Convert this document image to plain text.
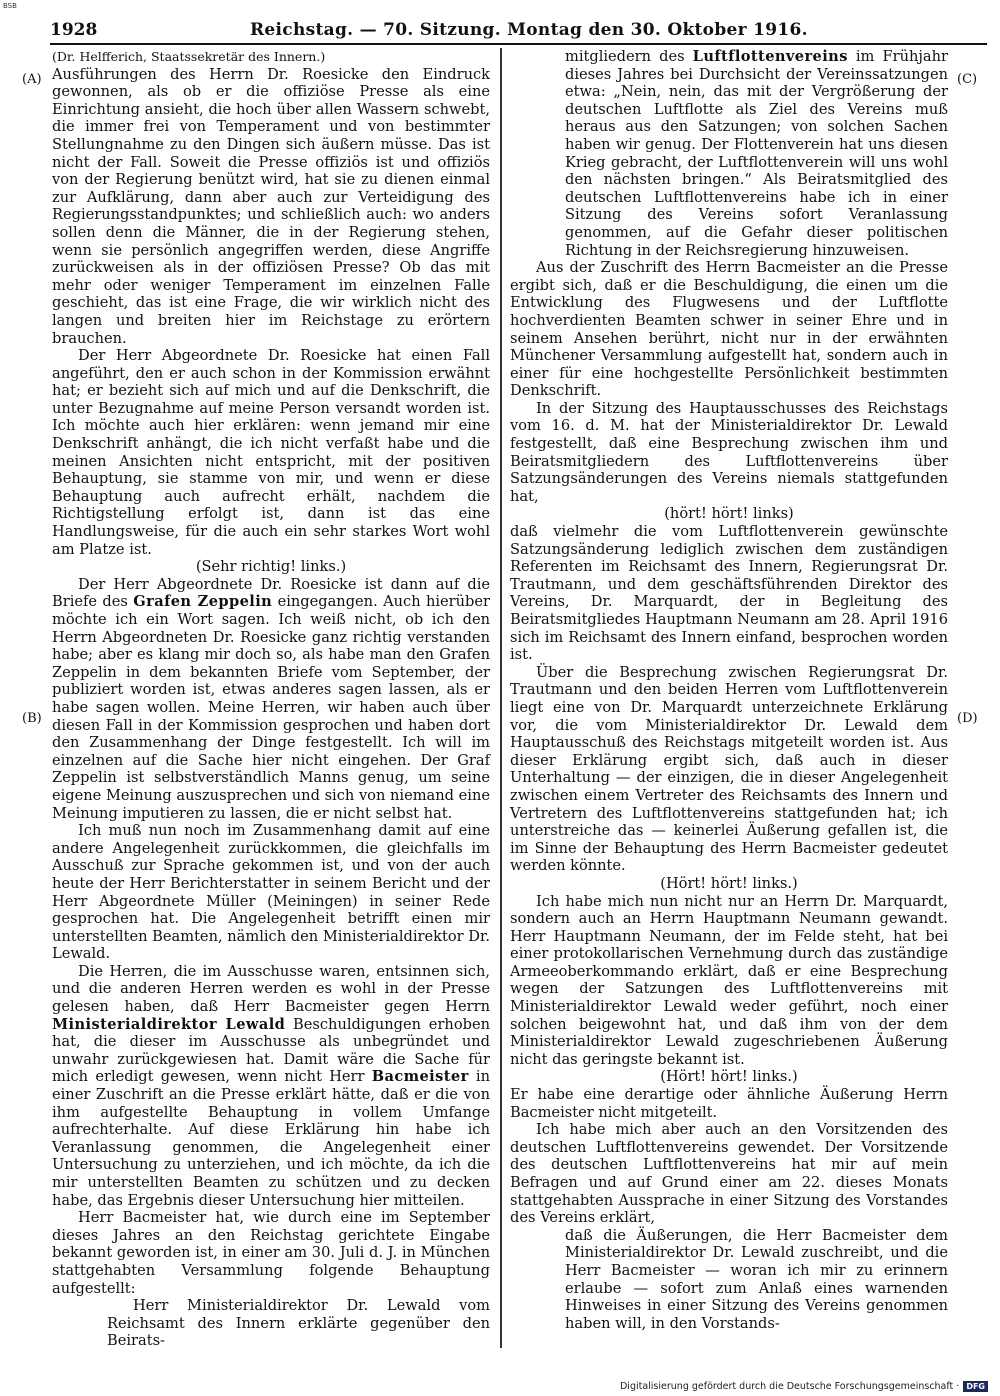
BSB
1928	Reichstag. — 70. Sitzung. Montag den 30. Oktober 1916.
(A)
(B)
(C)
(D)

(Dr. Helfferich, Staatssekretär des Innern.)

Ausführungen des Herrn Dr. Roesicke den Eindruck gewonnen, als ob er die offiziöse Presse als eine Einrichtung ansieht, die hoch über allen Wassern schwebt, die immer frei von Temperament und von bestimmter Stellungnahme zu den Dingen sich äußern müsse. Das ist nicht der Fall. Soweit die Presse offiziös ist und offiziös von der Regierung benützt wird, hat sie zu dienen einmal zur Aufklärung, dann aber auch zur Verteidigung des Regierungsstandpunktes; und schließlich auch: wo anders sollen denn die Männer, die in der Regierung stehen, wenn sie persönlich angegriffen werden, diese Angriffe zurückweisen als in der offiziösen Presse? Ob das mit mehr oder weniger Temperament im einzelnen Falle geschieht, das ist eine Frage, die wir wirklich nicht des langen und breiten hier im Reichstage zu erörtern brauchen.

Der Herr Abgeordnete Dr. Roesicke hat einen Fall angeführt, den er auch schon in der Kommission erwähnt hat; er bezieht sich auf mich und auf die Denkschrift, die unter Bezugnahme auf meine Person versandt worden ist. Ich möchte auch hier erklären: wenn jemand mir eine Denkschrift anhängt, die ich nicht verfaßt habe und die meinen Ansichten nicht entspricht, mit der positiven Behauptung, sie stamme von mir, und wenn er diese Behauptung auch aufrecht erhält, nachdem die Richtigstellung erfolgt ist, dann ist das eine Handlungsweise, für die auch ein sehr starkes Wort wohl am Platze ist.

(Sehr richtig! links.)

Der Herr Abgeordnete Dr. Roesicke ist dann auf die Briefe des Grafen Zeppelin eingegangen. Auch hierüber möchte ich ein Wort sagen. Ich weiß nicht, ob ich den Herrn Abgeordneten Dr. Roesicke ganz richtig verstanden habe; aber es klang mir doch so, als habe man den Grafen Zeppelin in dem bekannten Briefe vom September, der publiziert worden ist, etwas anderes sagen lassen, als er habe sagen wollen. Meine Herren, wir haben auch über diesen Fall in der Kommission gesprochen und haben dort den Zusammenhang der Dinge festgestellt. Ich will im einzelnen auf die Sache hier nicht eingehen. Der Graf Zeppelin ist selbstverständlich Manns genug, um seine eigene Meinung auszusprechen und sich von niemand eine Meinung imputieren zu lassen, die er nicht selbst hat.

Ich muß nun noch im Zusammenhang damit auf eine andere Angelegenheit zurückkommen, die gleichfalls im Ausschuß zur Sprache gekommen ist, und von der auch heute der Herr Berichterstatter in seinem Bericht und der Herr Abgeordnete Müller (Meiningen) in seiner Rede gesprochen hat. Die Angelegenheit betrifft einen mir unterstellten Beamten, nämlich den Ministerialdirektor Dr. Lewald.

Die Herren, die im Ausschusse waren, entsinnen sich, und die anderen Herren werden es wohl in der Presse gelesen haben, daß Herr Bacmeister gegen Herrn Ministerialdirektor Lewald Beschuldigungen erhoben hat, die dieser im Ausschusse als unbegründet und unwahr zurückgewiesen hat. Damit wäre die Sache für mich erledigt gewesen, wenn nicht Herr Bacmeister in einer Zuschrift an die Presse erklärt hätte, daß er die von ihm aufgestellte Behauptung in vollem Umfange aufrechterhalte. Auf diese Erklärung hin habe ich Veranlassung genommen, die Angelegenheit einer Untersuchung zu unterziehen, und ich möchte, da ich die mir unterstellten Beamten zu schützen und zu decken habe, das Ergebnis dieser Untersuchung hier mitteilen.

Herr Bacmeister hat, wie durch eine im September dieses Jahres an den Reichstag gerichtete Eingabe bekannt geworden ist, in einer am 30. Juli d. J. in München stattgehabten Versammlung folgende Behauptung aufgestellt:

Herr Ministerialdirektor Dr. Lewald vom Reichsamt des Innern erklärte gegenüber den Beirats-

mitgliedern des Luftflottenvereins im Frühjahr dieses Jahres bei Durchsicht der Vereinssatzungen etwa: „Nein, nein, das mit der Vergrößerung der deutschen Luftflotte als Ziel des Vereins muß heraus aus den Satzungen; von solchen Sachen haben wir genug. Der Flottenverein hat uns diesen Krieg gebracht, der Luftflottenverein will uns wohl den nächsten bringen.“ Als Beiratsmitglied des deutschen Luftflottenvereins habe ich in einer Sitzung des Vereins sofort Veranlassung genommen, auf die Gefahr dieser politischen Richtung in der Reichsregierung hinzuweisen.

Aus der Zuschrift des Herrn Bacmeister an die Presse ergibt sich, daß er die Beschuldigung, die einen um die Entwicklung des Flugwesens und der Luftflotte hochverdienten Beamten schwer in seiner Ehre und in seinem Ansehen berührt, nicht nur in der erwähnten Münchener Versammlung aufgestellt hat, sondern auch in einer für eine hochgestellte Persönlichkeit bestimmten Denkschrift.

In der Sitzung des Hauptausschusses des Reichstags vom 16. d. M. hat der Ministerialdirektor Dr. Lewald festgestellt, daß eine Besprechung zwischen ihm und Beiratsmitgliedern des Luftflottenvereins über Satzungsänderungen des Vereins niemals stattgefunden hat,

(hört! hört! links)

daß vielmehr die vom Luftflottenverein gewünschte Satzungsänderung lediglich zwischen dem zuständigen Referenten im Reichsamt des Innern, Regierungsrat Dr. Trautmann, und dem geschäftsführenden Direktor des Vereins, Dr. Marquardt, der in Begleitung des Beiratsmitgliedes Hauptmann Neumann am 28. April 1916 sich im Reichsamt des Innern einfand, besprochen worden ist.

Über die Besprechung zwischen Regierungsrat Dr. Trautmann und den beiden Herren vom Luftflottenverein liegt eine von Dr. Marquardt unterzeichnete Erklärung vor, die vom Ministerialdirektor Dr. Lewald dem Hauptausschuß des Reichstags mitgeteilt worden ist. Aus dieser Erklärung ergibt sich, daß auch in dieser Unterhaltung — der einzigen, die in dieser Angelegenheit zwischen einem Vertreter des Reichsamts des Innern und Vertretern des Luftflottenvereins stattgefunden hat; ich unterstreiche das — keinerlei Äußerung gefallen ist, die im Sinne der Behauptung des Herrn Bacmeister gedeutet werden könnte.

(Hört! hört! links.)

Ich habe mich nun nicht nur an Herrn Dr. Marquardt, sondern auch an Herrn Hauptmann Neumann gewandt. Herr Hauptmann Neumann, der im Felde steht, hat bei einer protokollarischen Vernehmung durch das zuständige Armeeoberkommando erklärt, daß er eine Besprechung wegen der Satzungen des Luftflottenvereins mit Ministerialdirektor Lewald weder geführt, noch einer solchen beigewohnt hat, und daß ihm von der dem Ministerialdirektor Lewald zugeschriebenen Äußerung nicht das geringste bekannt ist.

(Hört! hört! links.)

Er habe eine derartige oder ähnliche Äußerung Herrn Bacmeister nicht mitgeteilt.

Ich habe mich aber auch an den Vorsitzenden des deutschen Luftflottenvereins gewendet. Der Vorsitzende des deutschen Luftflottenvereins hat mir auf mein Befragen und auf Grund einer am 22. dieses Monats stattgehabten Aussprache in einer Sitzung des Vorstandes des Vereins erklärt,

daß die Äußerungen, die Herr Bacmeister dem Ministerialdirektor Dr. Lewald zuschreibt, und die Herr Bacmeister — woran ich mir zu erinnern erlaube — sofort zum Anlaß eines warnenden Hinweises in einer Sitzung des Vereins genommen haben will, in den Vorstands-

Digitalisierung gefördert durch die Deutsche Forschungsgemeinschaft · DFG
